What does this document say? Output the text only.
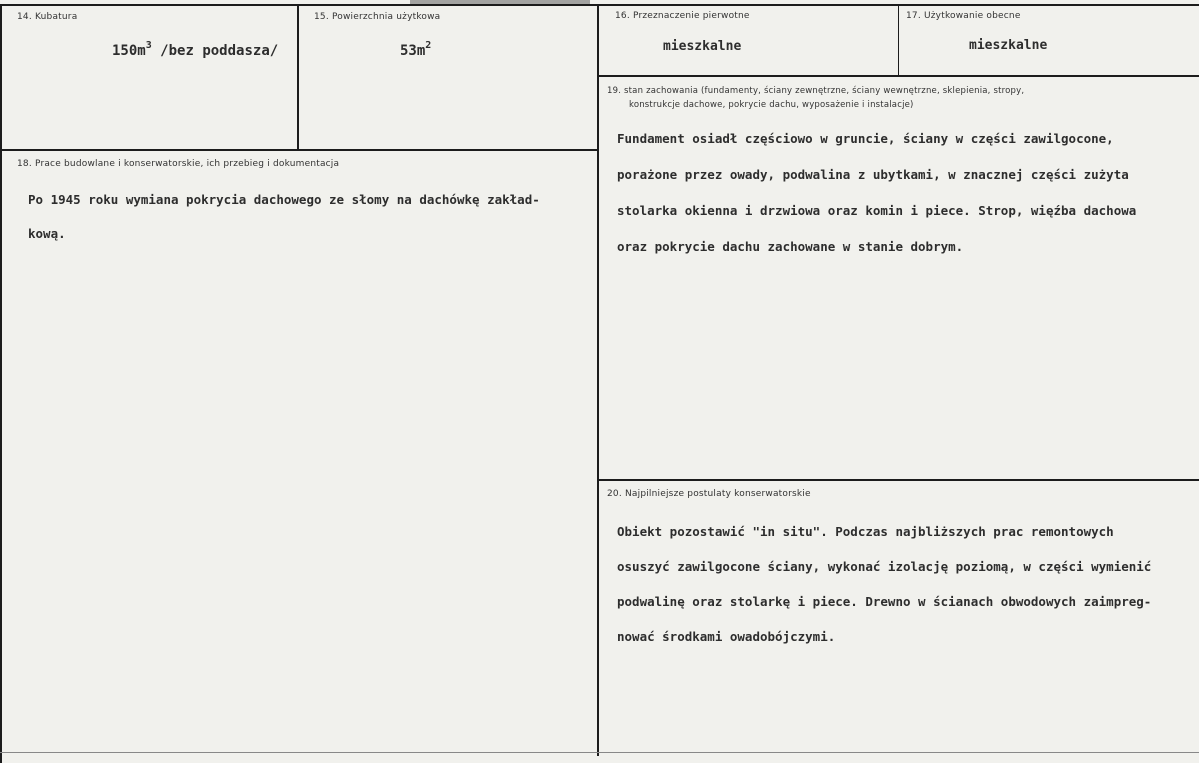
14. Kubatura
$150m^3$ /bez poddasza/
15. Powierzchnia użytkowa
$53m^2$
16. Przeznaczenie pierwotne
mieszkalne
17. Użytkowanie obecne
mieszkalne
18. Prace budowlane i konserwatorskie, ich przebieg i dokumentacja
Po 1945 roku wymiana pokrycia dachowego ze słomy na dachówkę zakład-
kową.
19. stan zachowania (fundamenty, ściany zewnętrzne, ściany wewnętrzne, sklepienia, stropy,
konstrukcje dachowe, pokrycie dachu, wyposażenie i instalacje)
Fundament osiadł częściowo w gruncie, ściany w części zawilgocone,
porażone przez owady, podwalina z ubytkami, w znacznej części zużyta
stolarka okienna i drzwiowa oraz komin i piece. Strop, więźba dachowa
oraz pokrycie dachu zachowane w stanie dobrym.
20. Najpilniejsze postulaty konserwatorskie
Obiekt pozostawić "in situ". Podczas najbliższych prac remontowych
osuszyć zawilgocone ściany, wykonać izolację poziomą, w części wymienić
podwalinę oraz stolarkę i piece. Drewno w ścianach obwodowych zaimpreg-
nować środkami owadobójczymi.
